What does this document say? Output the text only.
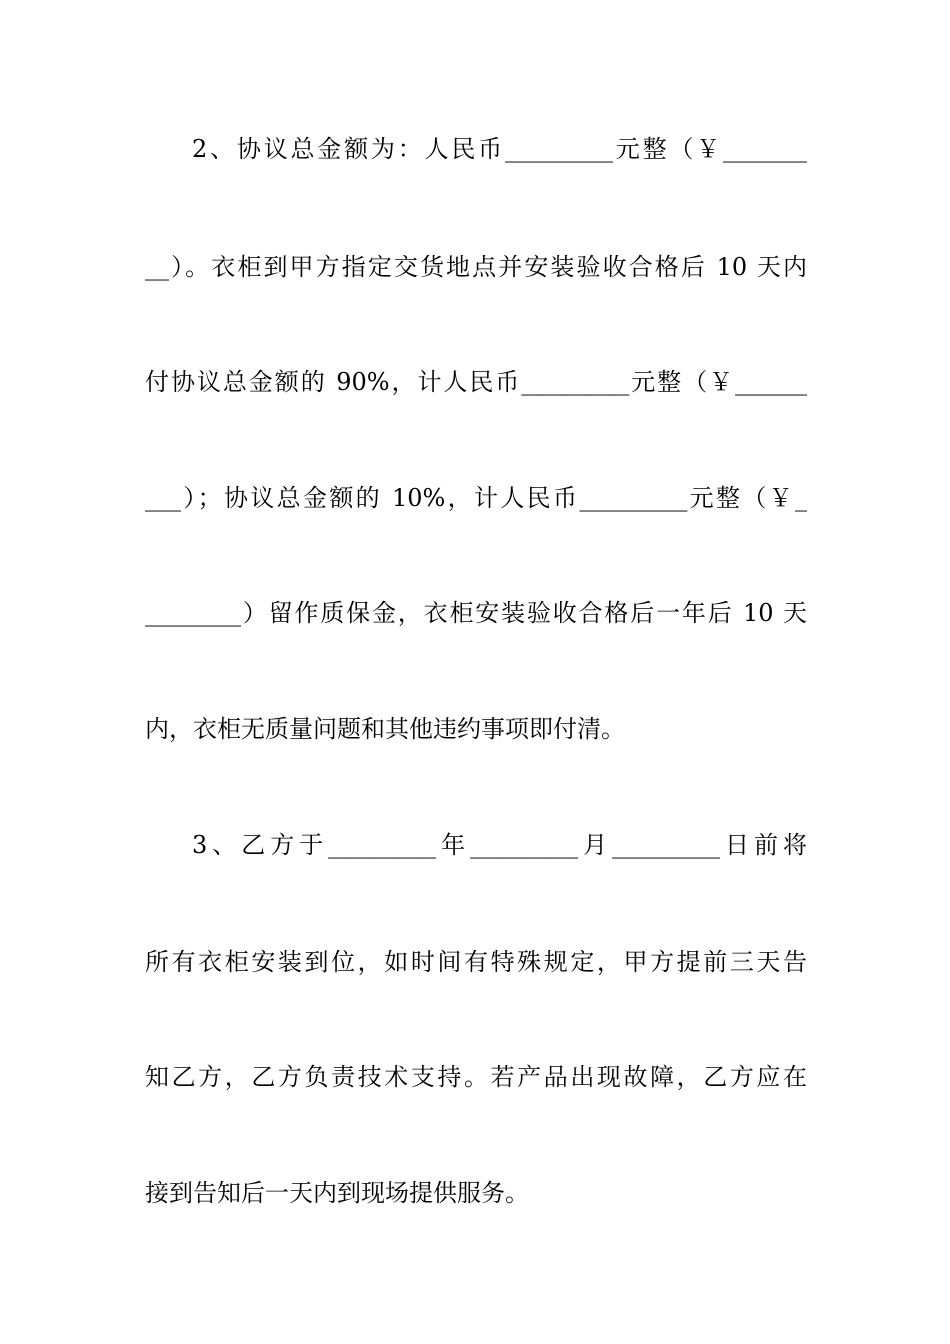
2、协议总金额为：人民币_________元整（￥_______
__）。衣柜到甲方指定交货地点并安装验收合格后 10 天内
付协议总金额的 90%，计人民币_________元整（￥______
___）；协议总金额的 10%，计人民币_________元整（￥_
________）留作质保金，衣柜安装验收合格后一年后 10 天
内，衣柜无质量问题和其他违约事项即付清。
3、乙方于_________年_________月_________日前将
所有衣柜安装到位，如时间有特殊规定，甲方提前三天告
知乙方，乙方负责技术支持。若产品出现故障，乙方应在
接到告知后一天内到现场提供服务。
